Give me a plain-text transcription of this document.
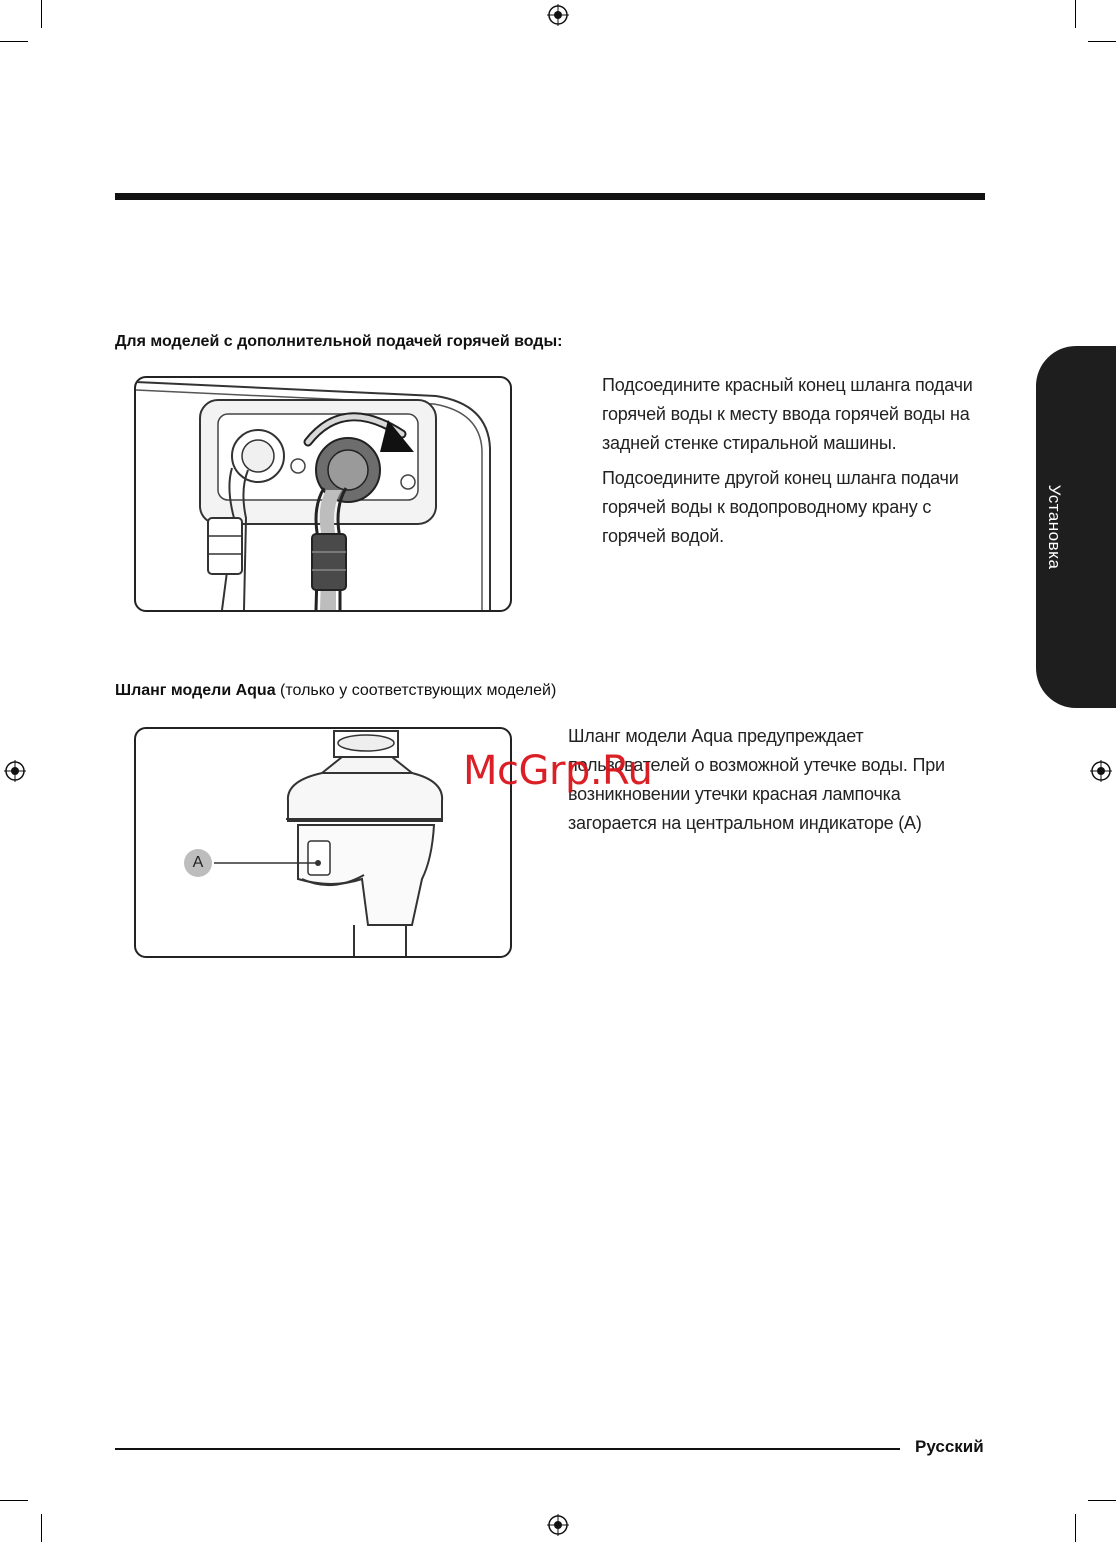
Для моделей с дополнительной подачей горячей воды:

Подсоедините красный конец шланга подачи горячей воды к месту ввода горячей воды на задней стенке стиральной машины.

Подсоедините другой конец шланга подачи горячей воды к водопроводному крану с горячей водой.

Шланг модели Aqua (только у соответствующих моделей)
A

Шланг модели Aqua предупреждает пользователей о возможной утечке воды. При возникновении утечки красная лампочка загорается на центральном индикаторе (A)

McGrp.Ru
Установка
Русский
